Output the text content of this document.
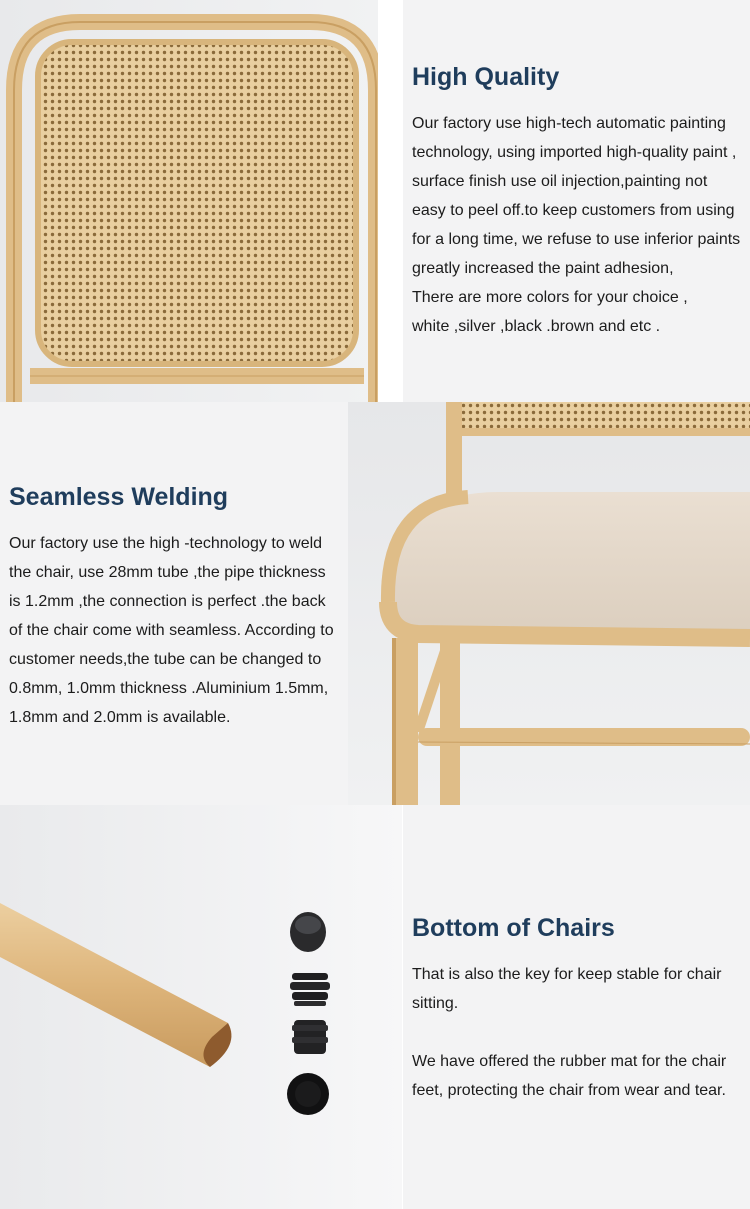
High Quality

Our factory use high-tech automatic painting

technology, using imported high-quality paint ,

surface finish use oil injection,painting not

easy to peel off.to keep customers from using

for a long time, we refuse to use inferior paints

greatly increased the paint adhesion,

There are more colors for your choice ,

white ,silver ,black .brown and etc .

Seamless Welding

Our factory use the high -technology to weld

the chair, use 28mm tube ,the pipe thickness

is 1.2mm ,the connection is perfect .the back

of the chair come with seamless. According to

customer needs,the tube can be changed to

0.8mm, 1.0mm thickness .Aluminium 1.5mm,

1.8mm and 2.0mm is available.

Bottom of Chairs

That is also the key for keep stable for chair

sitting.

We have offered the rubber mat for the chair

feet, protecting the chair from wear and tear.
